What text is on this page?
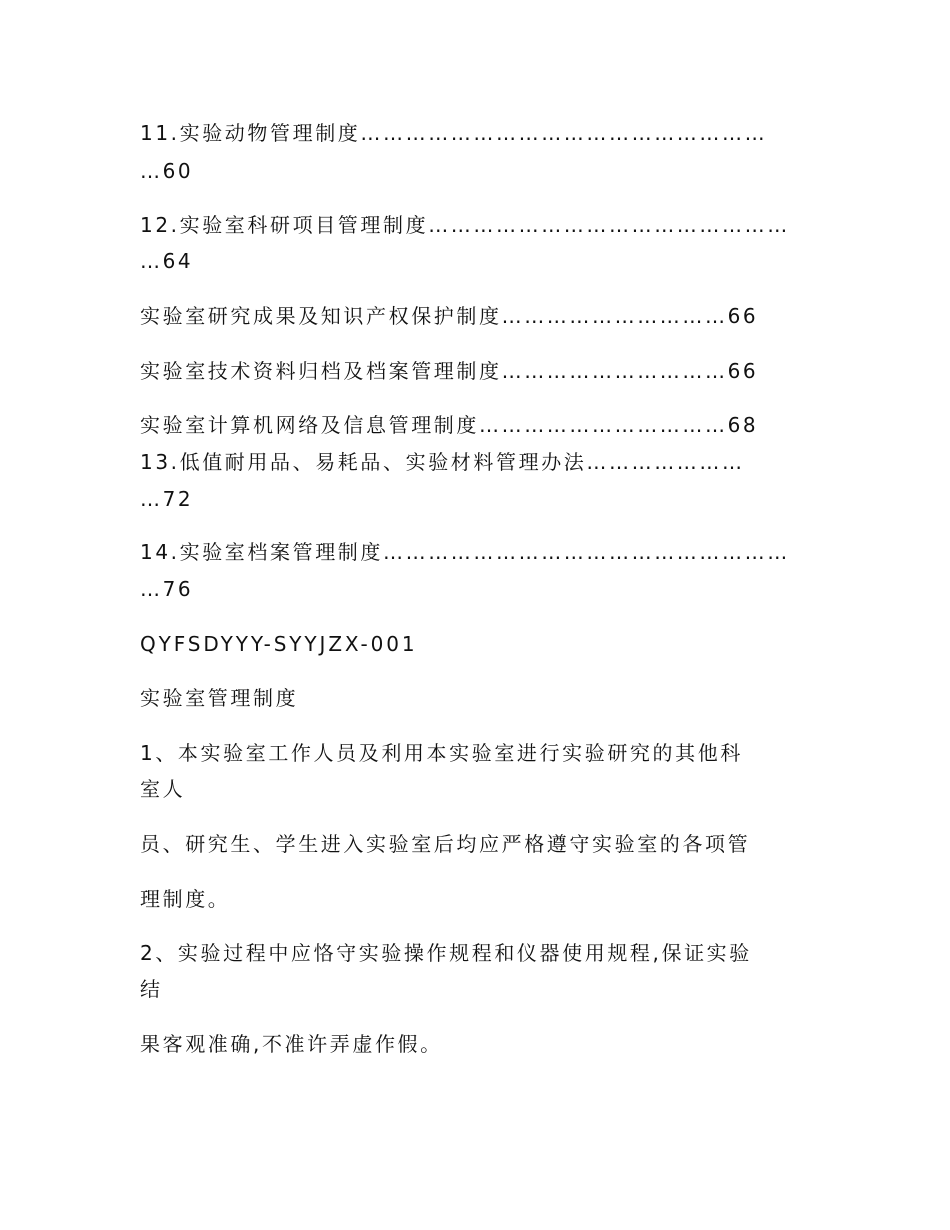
11.实验动物管理制度………………………………………………

…60

12.实验室科研项目管理制度…………………………………………

…64

实验室研究成果及知识产权保护制度…………………………66

实验室技术资料归档及档案管理制度…………………………66

实验室计算机网络及信息管理制度……………………………68

13.低值耐用品、易耗品、实验材料管理办法…………………

…72

14.实验室档案管理制度………………………………………………

…76

QYFSDYYY-SYYJZX-001

实验室管理制度

1、本实验室工作人员及利用本实验室进行实验研究的其他科

室人

员、研究生、学生进入实验室后均应严格遵守实验室的各项管

理制度。

2、实验过程中应恪守实验操作规程和仪器使用规程,保证实验

结

果客观准确,不准许弄虚作假。
